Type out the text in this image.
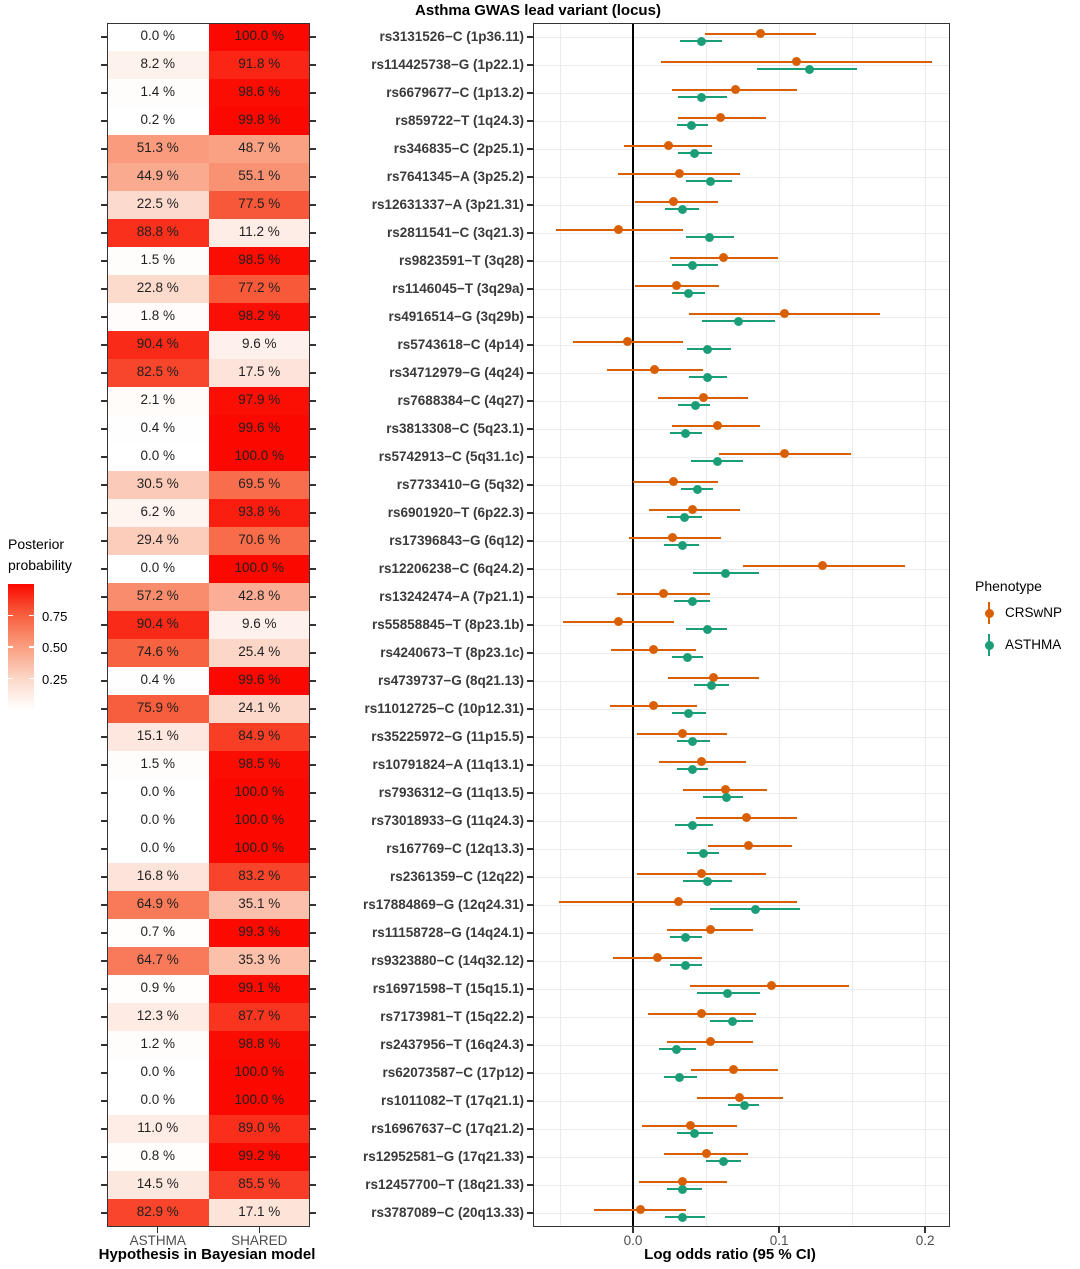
Asthma GWAS lead variant (locus)
0.0 %	100.0 %	rs3131526−C (1p36.11)
8.2 %	91.8 %	rs114425738−G (1p22.1)
1.4 %	98.6 %	rs6679677−C (1p13.2)
0.2 %	99.8 %	rs859722−T (1q24.3)
51.3 %	48.7 %	rs346835−C (2p25.1)
44.9 %	55.1 %	rs7641345−A (3p25.2)
22.5 %	77.5 %	rs12631337−A (3p21.31)
88.8 %	11.2 %	rs2811541−C (3q21.3)
1.5 %	98.5 %	rs9823591−T (3q28)
22.8 %	77.2 %	rs1146045−T (3q29a)
1.8 %	98.2 %	rs4916514−G (3q29b)
90.4 %	9.6 %	rs5743618−C (4p14)
82.5 %	17.5 %	rs34712979−G (4q24)
2.1 %	97.9 %	rs7688384−C (4q27)
0.4 %	99.6 %	rs3813308−C (5q23.1)
0.0 %	100.0 %	rs5742913−C (5q31.1c)
30.5 %	69.5 %	rs7733410−G (5q32)
6.2 %	93.8 %	rs6901920−T (6p22.3)
29.4 %	70.6 %	rs17396843−G (6q12)
0.0 %	100.0 %	rs12206238−C (6q24.2)
57.2 %	42.8 %	rs13242474−A (7p21.1)
90.4 %	9.6 %	rs55858845−T (8p23.1b)
74.6 %	25.4 %	rs4240673−T (8p23.1c)
0.4 %	99.6 %	rs4739737−G (8q21.13)
75.9 %	24.1 %	rs11012725−C (10p12.31)
15.1 %	84.9 %	rs35225972−G (11p15.5)
1.5 %	98.5 %	rs10791824−A (11q13.1)
0.0 %	100.0 %	rs7936312−G (11q13.5)
0.0 %	100.0 %	rs73018933−G (11q24.3)
0.0 %	100.0 %	rs167769−C (12q13.3)
16.8 %	83.2 %	rs2361359−C (12q22)
64.9 %	35.1 %	rs17884869−G (12q24.31)
0.7 %	99.3 %	rs11158728−G (14q24.1)
64.7 %	35.3 %	rs9323880−C (14q32.12)
0.9 %	99.1 %	rs16971598−T (15q15.1)
12.3 %	87.7 %	rs7173981−T (15q22.2)
1.2 %	98.8 %	rs2437956−T (16q24.3)
0.0 %	100.0 %	rs62073587−C (17p12)
0.0 %	100.0 %	rs1011082−T (17q21.1)
11.0 %	89.0 %	rs16967637−C (17q21.2)
0.8 %	99.2 %	rs12952581−G (17q21.33)
14.5 %	85.5 %	rs12457700−T (18q21.33)
82.9 %	17.1 %	rs3787089−C (20q13.33)
0.0	0.1	0.2
ASTHMA	SHARED
Hypothesis in Bayesian model	Log odds ratio (95 % CI)
Posterior
probability
0.75
0.50
0.25
Phenotype
CRSwNP
ASTHMA
